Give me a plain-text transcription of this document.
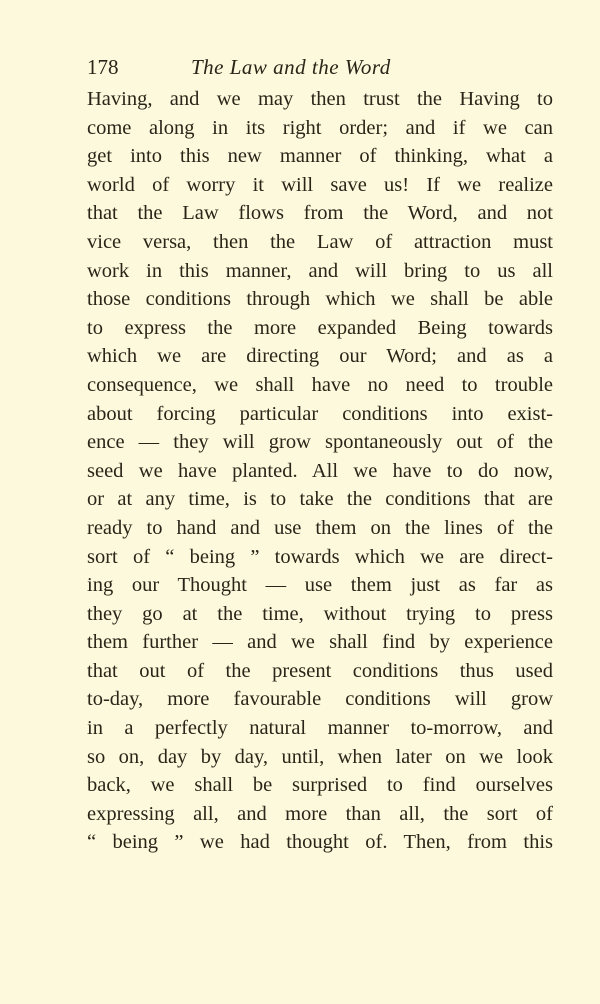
178	The Law and the Word
Having, and we may then trust the Having to
come along in its right order; and if we can
get into this new manner of thinking, what a
world of worry it will save us! If we realize
that the Law flows from the Word, and not
vice versa, then the Law of attraction must
work in this manner, and will bring to us all
those conditions through which we shall be able
to express the more expanded Being towards
which we are directing our Word; and as a
consequence, we shall have no need to trouble
about forcing particular conditions into exist-
ence — they will grow spontaneously out of the
seed we have planted. All we have to do now,
or at any time, is to take the conditions that are
ready to hand and use them on the lines of the
sort of “ being ” towards which we are direct-
ing our Thought — use them just as far as
they go at the time, without trying to press
them further — and we shall find by experience
that out of the present conditions thus used
to-day, more favourable conditions will grow
in a perfectly natural manner to-morrow, and
so on, day by day, until, when later on we look
back, we shall be surprised to find ourselves
expressing all, and more than all, the sort of
“ being ” we had thought of. Then, from this
